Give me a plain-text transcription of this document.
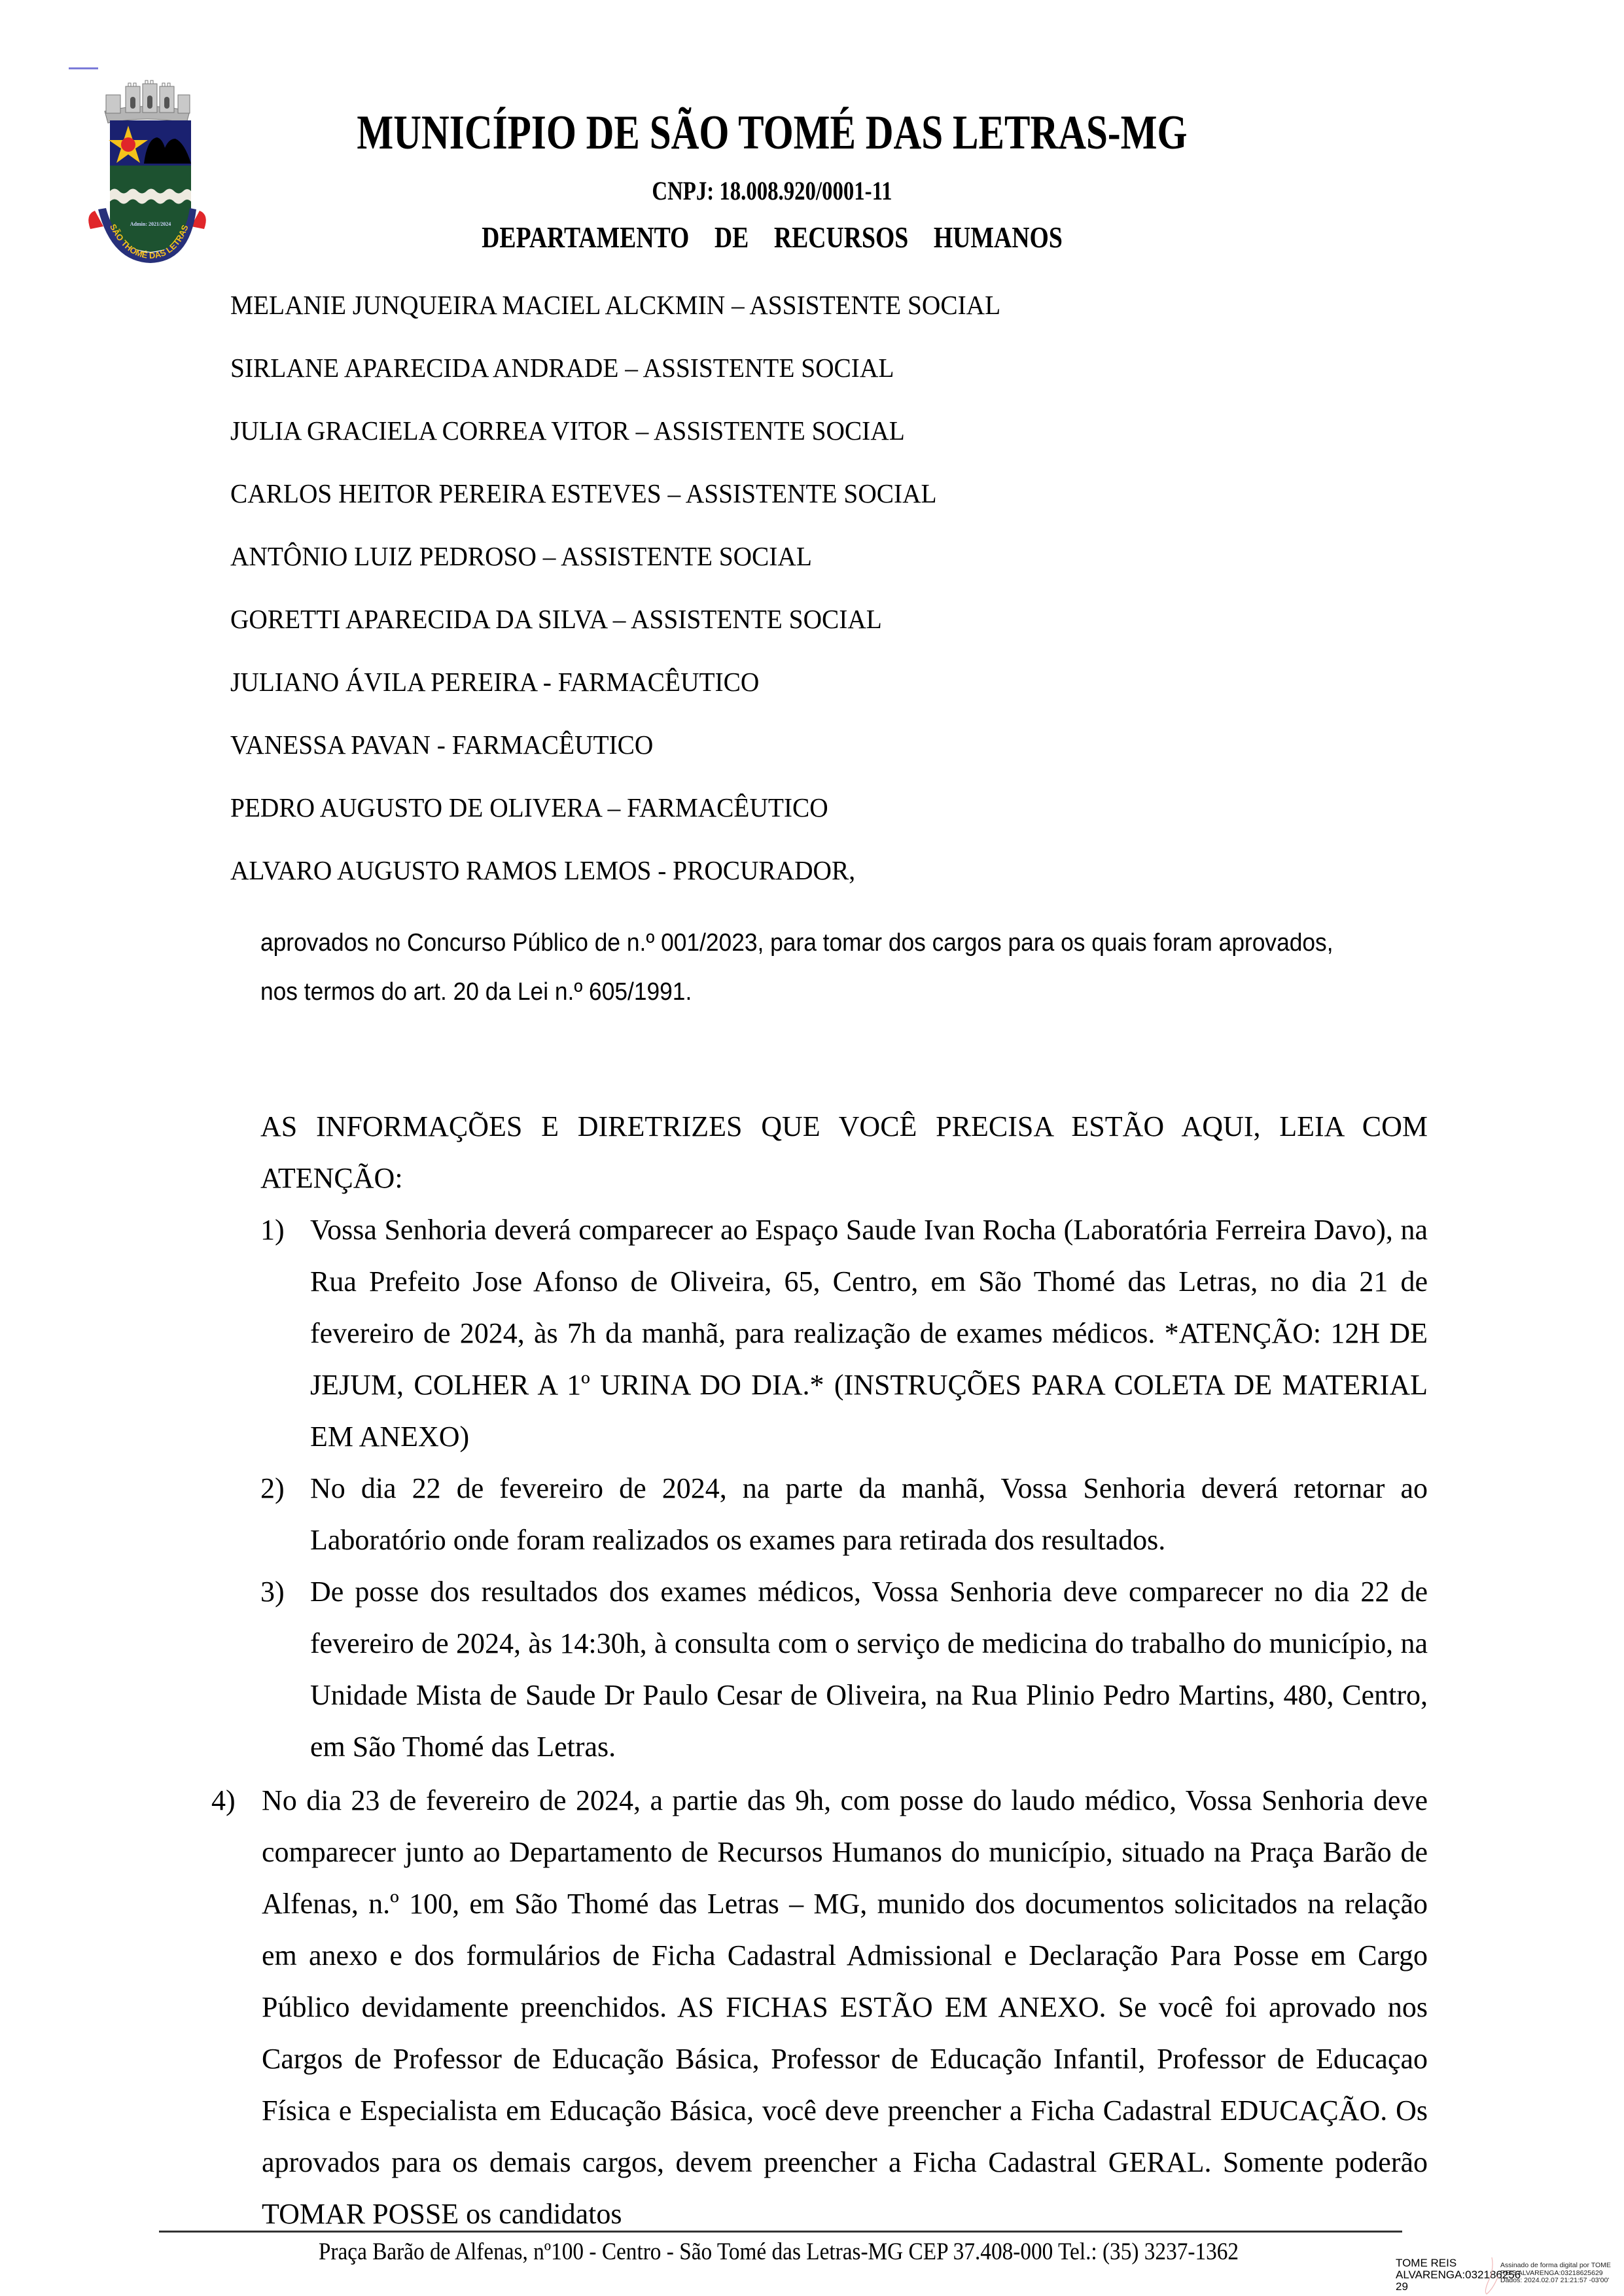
Admin: 2021/2024
SÃO THOMÉ DAS LETRAS
MUNICÍPIO DE SÃO TOMÉ DAS LETRAS-MG
CNPJ: 18.008.920/0001-11
DEPARTAMENTO  DE  RECURSOS  HUMANOS
MELANIE JUNQUEIRA MACIEL ALCKMIN – ASSISTENTE SOCIAL
SIRLANE APARECIDA ANDRADE – ASSISTENTE SOCIAL
JULIA GRACIELA CORREA VITOR – ASSISTENTE SOCIAL
CARLOS HEITOR PEREIRA ESTEVES – ASSISTENTE SOCIAL
ANTÔNIO LUIZ PEDROSO – ASSISTENTE SOCIAL
GORETTI APARECIDA DA SILVA – ASSISTENTE SOCIAL
JULIANO ÁVILA PEREIRA - FARMACÊUTICO
VANESSA PAVAN - FARMACÊUTICO
PEDRO AUGUSTO DE OLIVERA – FARMACÊUTICO
ALVARO AUGUSTO RAMOS LEMOS - PROCURADOR,
aprovados no Concurso Público de n.º 001/2023, para tomar dos cargos para os quais foram aprovados,
nos termos do art. 20 da Lei n.º 605/1991.
AS INFORMAÇÕES E DIRETRIZES QUE VOCÊ PRECISA ESTÃO AQUI, LEIA COM ATENÇÃO:
1) Vossa Senhoria deverá comparecer ao Espaço Saude Ivan Rocha (Laboratória Ferreira Davo), na Rua Prefeito Jose Afonso de Oliveira, 65, Centro, em São Thomé das Letras, no dia 21 de fevereiro de 2024, às 7h da manhã, para realização de exames médicos. *ATENÇÃO: 12H DE JEJUM, COLHER A 1º URINA DO DIA.* (INSTRUÇÕES PARA COLETA DE MATERIAL EM ANEXO)
2) No dia 22 de fevereiro de 2024, na parte da manhã, Vossa Senhoria deverá retornar ao Laboratório onde foram realizados os exames para retirada dos resultados.
3) De posse dos resultados dos exames médicos, Vossa Senhoria deve comparecer no dia 22 de fevereiro de 2024, às 14:30h, à consulta com o serviço de medicina do trabalho do município, na Unidade Mista de Saude Dr Paulo Cesar de Oliveira, na Rua Plinio Pedro Martins, 480, Centro, em São Thomé das Letras.
4) No dia 23 de fevereiro de 2024, a partie das 9h, com posse do laudo médico, Vossa Senhoria deve comparecer junto ao Departamento de Recursos Humanos do município, situado na Praça Barão de Alfenas, n.º 100, em São Thomé das Letras – MG, munido dos documentos solicitados na relação em anexo e dos formulários de Ficha Cadastral Admissional e Declaração Para Posse em Cargo Público devidamente preenchidos. AS FICHAS ESTÃO EM ANEXO. Se você foi aprovado nos Cargos de Professor de Educação Básica, Professor de Educação Infantil, Professor de Educaçao Física e Especialista em Educação Básica, você deve preencher a Ficha Cadastral EDUCAÇÃO. Os aprovados para os demais cargos, devem preencher a Ficha Cadastral GERAL. Somente poderão TOMAR POSSE os candidatos
Praça Barão de Alfenas, nº100 - Centro - São Tomé das Letras-MG CEP 37.408-000 Tel.: (35) 3237-1362	TOME REIS
ALVARENGA:032186256
29
Assinado de forma digital por TOME
REIS ALVARENGA:03218625629
Dados: 2024.02.07 21:21:57 -03'00'
